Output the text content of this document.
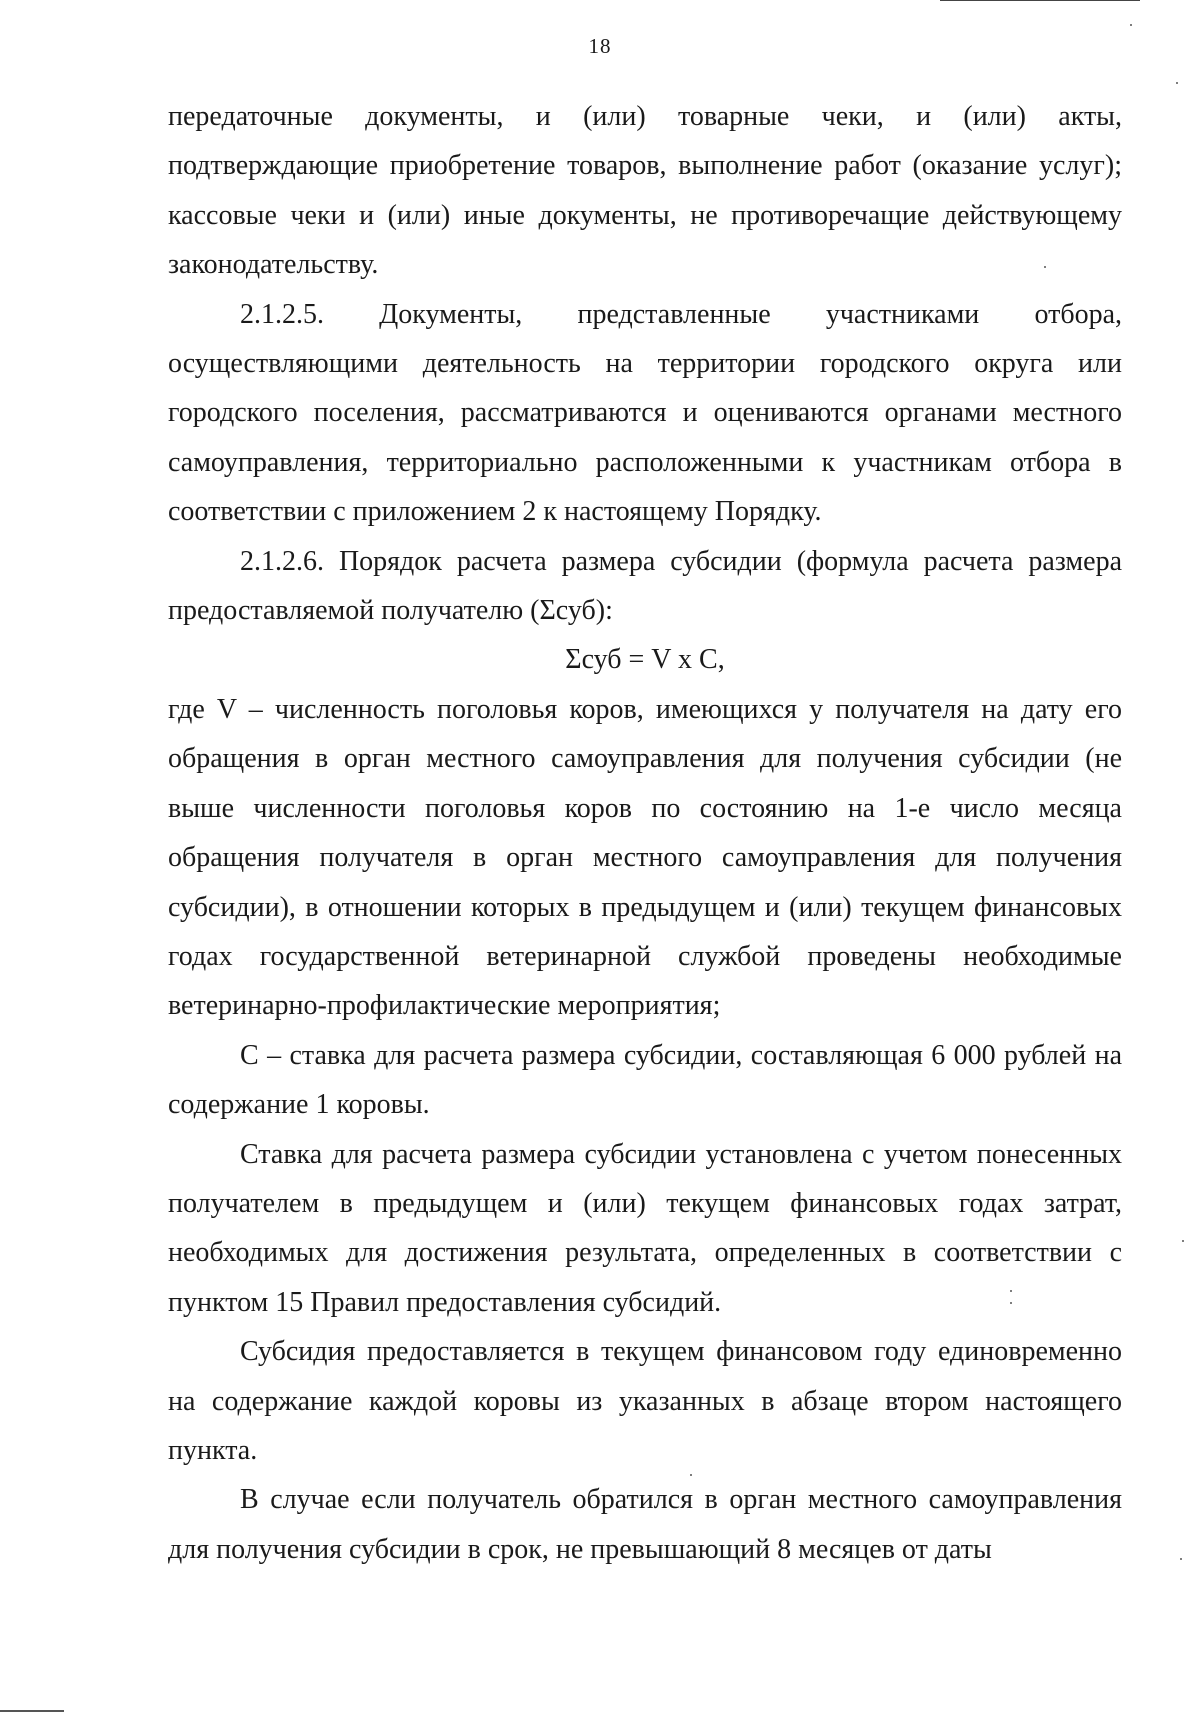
18

передаточные документы, и (или) товарные чеки, и (или) акты, подтверждающие приобретение товаров, выполнение работ (оказание услуг); кассовые чеки и (или) иные документы, не противоречащие действующему законодательству.

2.1.2.5. Документы, представленные участниками отбора, осуществляющими деятельность на территории городского округа или городского поселения, рассматриваются и оцениваются органами местного самоуправления, территориально расположенными к участникам отбора в соответствии с приложением 2 к настоящему Порядку.

2.1.2.6. Порядок расчета размера субсидии (формула расчета размера предоставляемой получателю (Σсуб):

Σсуб = V x C,

где V – численность поголовья коров, имеющихся у получателя на дату его обращения в орган местного самоуправления для получения субсидии (не выше численности поголовья коров по состоянию на 1-е число месяца обращения получателя в орган местного самоуправления для получения субсидии), в отношении которых в предыдущем и (или) текущем финансовых годах государственной ветеринарной службой проведены необходимые ветеринарно-профилактические мероприятия;

C – ставка для расчета размера субсидии, составляющая 6 000 рублей на содержание 1 коровы.

Ставка для расчета размера субсидии установлена с учетом понесенных получателем в предыдущем и (или) текущем финансовых годах затрат, необходимых для достижения результата, определенных в соответствии с пунктом 15 Правил предоставления субсидий.

Субсидия предоставляется в текущем финансовом году единовременно на содержание каждой коровы из указанных в абзаце втором настоящего пункта.

В случае если получатель обратился в орган местного самоуправления для получения субсидии в срок, не превышающий 8 месяцев от даты
